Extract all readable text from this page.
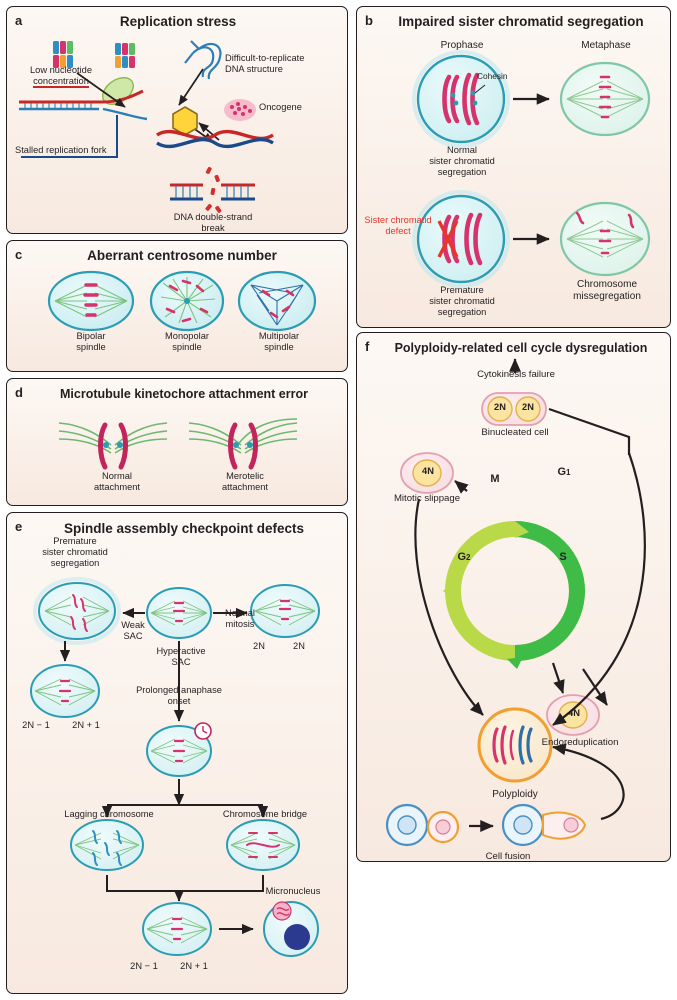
a	Replication stress
Low nucleotide
concentration
Difficult-to-replicate
DNA structure
Oncogene
Stalled replication fork
DNA double-strand
break
b	Impaired sister chromatid segregation
Prophase	Metaphase
Cohesin
Normal
sister chromatid
segregation
Sister chromatid
defect
Premature
sister chromatid
segregation
Chromosome
missegregation
c	Aberrant centrosome number
Bipolar
spindle
Monopolar
spindle
Multipolar
spindle
d	Microtubule kinetochore attachment error
Normal
attachment
Merotelic
attachment
e	Spindle assembly checkpoint defects
Premature
sister chromatid
segregation
Weak
SAC
Normal
mitosis
Hyperactive
SAC
2N	2N
Prolonged anaphase
onset
2N − 1	2N + 1
Lagging chromosome	Chromosome bridge
Micronucleus
2N − 1	2N + 1
f	Polyploidy-related cell cycle dysregulation
Cytokinesis failure
2N	2N
Binucleated cell
4N
Mitotic slippage
M
G1
G2	S
4N
Endoreduplication
Polyploidy
Cell fusion
